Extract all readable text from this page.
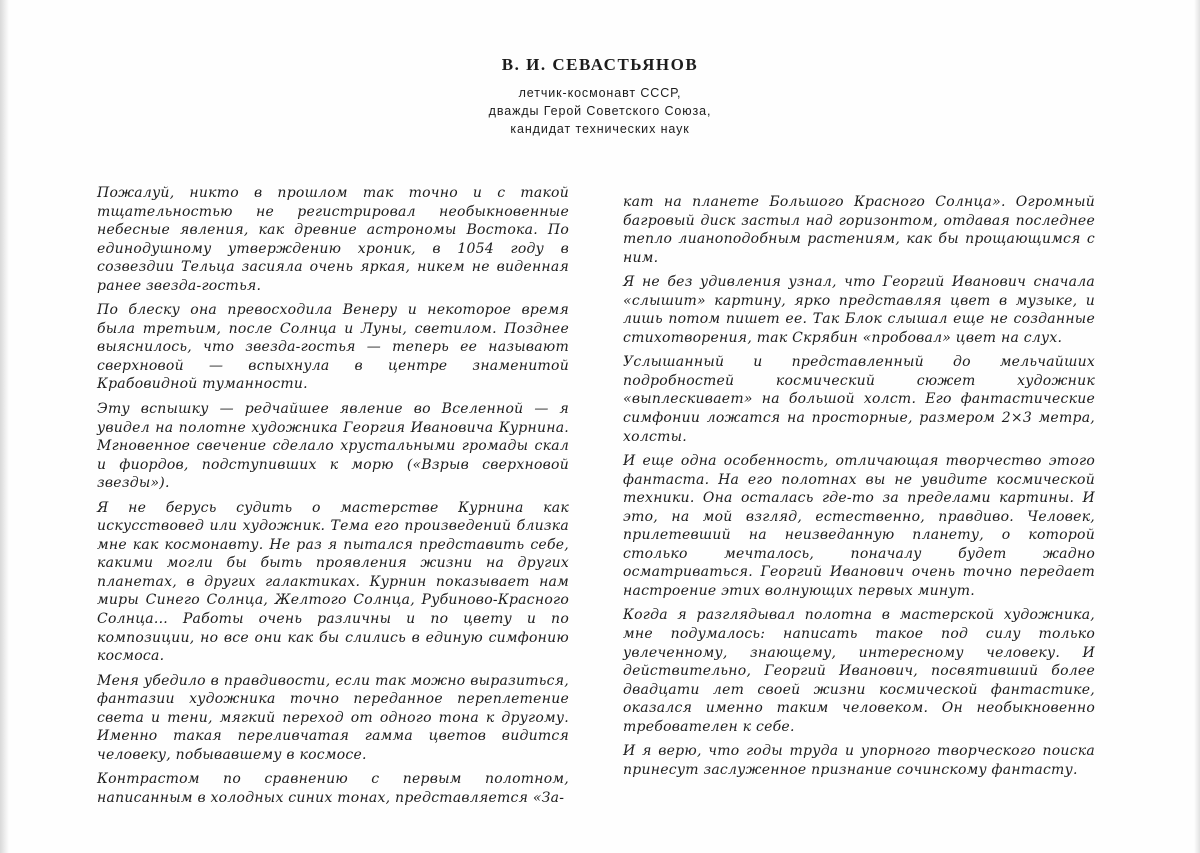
В. И. СЕВАСТЬЯНОВ
летчик-космонавт СССР,
дважды Герой Советского Союза,
кандидат технических наук

Пожалуй, никто в прошлом так точно и с такой тщательностью не регистрировал необыкновенные небесные явления, как древние астрономы Востока. По единодушному утверждению хроник, в 1054 году в созвездии Тельца засияла очень яркая, никем не виденная ранее звезда-гостья.

По блеску она превосходила Венеру и некоторое время была третьим, после Солнца и Луны, светилом. Позднее выяснилось, что звезда-гостья — теперь ее называют сверхновой — вспыхнула в центре знаменитой Крабовидной туманности.

Эту вспышку — редчайшее явление во Вселенной — я увидел на полотне художника Георгия Ивановича Курнина. Мгновенное свечение сделало хрустальными громады скал и фиордов, подступивших к морю («Взрыв сверхновой звезды»).

Я не берусь судить о мастерстве Курнина как искусствовед или художник. Тема его произведений близка мне как космонавту. Не раз я пытался представить себе, какими могли бы быть проявления жизни на других планетах, в других галактиках. Курнин показывает нам миры Синего Солнца, Желтого Солнца, Рубиново-Красного Солнца... Работы очень различны и по цвету и по композиции, но все они как бы слились в единую симфонию космоса.

Меня убедило в правдивости, если так можно выразиться, фантазии художника точно переданное переплетение света и тени, мягкий переход от одного тона к другому. Именно такая переливчатая гамма цветов видится человеку, побывавшему в космосе.

Контрастом по сравнению с первым полотном, написанным в холодных синих тонах, представляется «За-

кат на планете Большого Красного Солнца». Огромный багровый диск застыл над горизонтом, отдавая последнее тепло лианоподобным растениям, как бы прощающимся с ним.

Я не без удивления узнал, что Георгий Иванович сначала «слышит» картину, ярко представляя цвет в музыке, и лишь потом пишет ее. Так Блок слышал еще не созданные стихотворения, так Скрябин «пробовал» цвет на слух.

Услышанный и представленный до мельчайших подробностей космический сюжет художник «выплескивает» на большой холст. Его фантастические симфонии ложатся на просторные, размером 2×3 метра, холсты.

И еще одна особенность, отличающая творчество этого фантаста. На его полотнах вы не увидите космической техники. Она осталась где-то за пределами картины. И это, на мой взгляд, естественно, правдиво. Человек, прилетевший на неизведанную планету, о которой столько мечталось, поначалу будет жадно осматриваться. Георгий Иванович очень точно передает настроение этих волнующих первых минут.

Когда я разглядывал полотна в мастерской художника, мне подумалось: написать такое под силу только увлеченному, знающему, интересному человеку. И действительно, Георгий Иванович, посвятивший более двадцати лет своей жизни космической фантастике, оказался именно таким человеком. Он необыкновенно требователен к себе.

И я верю, что годы труда и упорного творческого поиска принесут заслуженное признание сочинскому фантасту.
